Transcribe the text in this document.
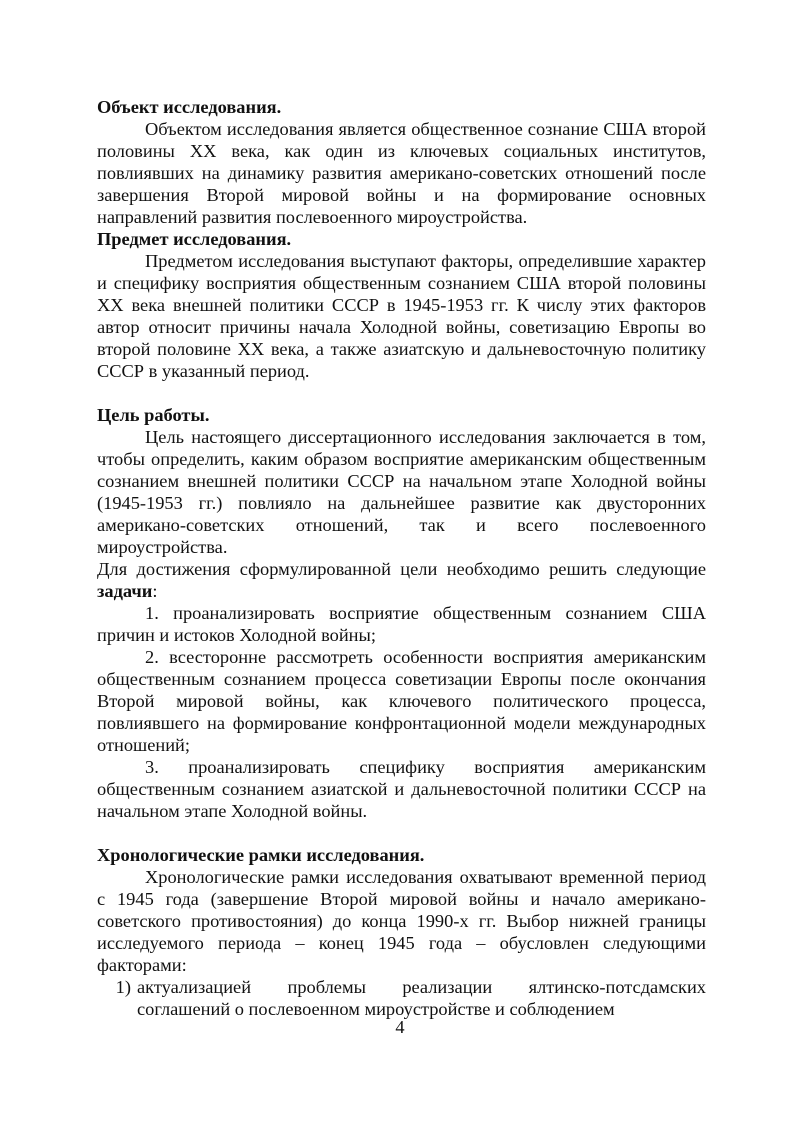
Объект исследования.

Объектом исследования является общественное сознание США второй половины ХХ века, как один из ключевых социальных институтов, повлиявших на динамику развития американо-советских отношений после завершения Второй мировой войны и на формирование основных направлений развития послевоенного мироустройства.

Предмет исследования.

Предметом исследования выступают факторы, определившие характер и специфику восприятия общественным сознанием США второй половины ХХ века внешней политики СССР в 1945-1953 гг. К числу этих факторов автор относит причины начала Холодной войны, советизацию Европы во второй половине ХХ века, а также азиатскую и дальневосточную политику СССР в указанный период.

Цель работы.

Цель настоящего диссертационного исследования заключается в том, чтобы определить, каким образом восприятие американским общественным сознанием внешней политики СССР на начальном этапе Холодной войны (1945-1953 гг.) повлияло на дальнейшее развитие как двусторонних американо-советских отношений, так и всего послевоенного мироустройства.

Для достижения сформулированной цели необходимо решить следующие задачи:

1. проанализировать восприятие общественным сознанием США причин и истоков Холодной войны;

2. всесторонне рассмотреть особенности восприятия американским общественным сознанием процесса советизации Европы после окончания Второй мировой войны, как ключевого политического процесса, повлиявшего на формирование конфронтационной модели международных отношений;

3. проанализировать специфику восприятия американским общественным сознанием азиатской и дальневосточной политики СССР на начальном этапе Холодной войны.

Хронологические рамки исследования.

Хронологические рамки исследования охватывают временной период с 1945 года (завершение Второй мировой войны и начало американо-советского противостояния) до конца 1990-х гг. Выбор нижней границы исследуемого периода – конец 1945 года – обусловлен следующими факторами:

1) актуализацией проблемы реализации ялтинско-потсдамских соглашений о послевоенном мироустройстве и соблюдением
4
